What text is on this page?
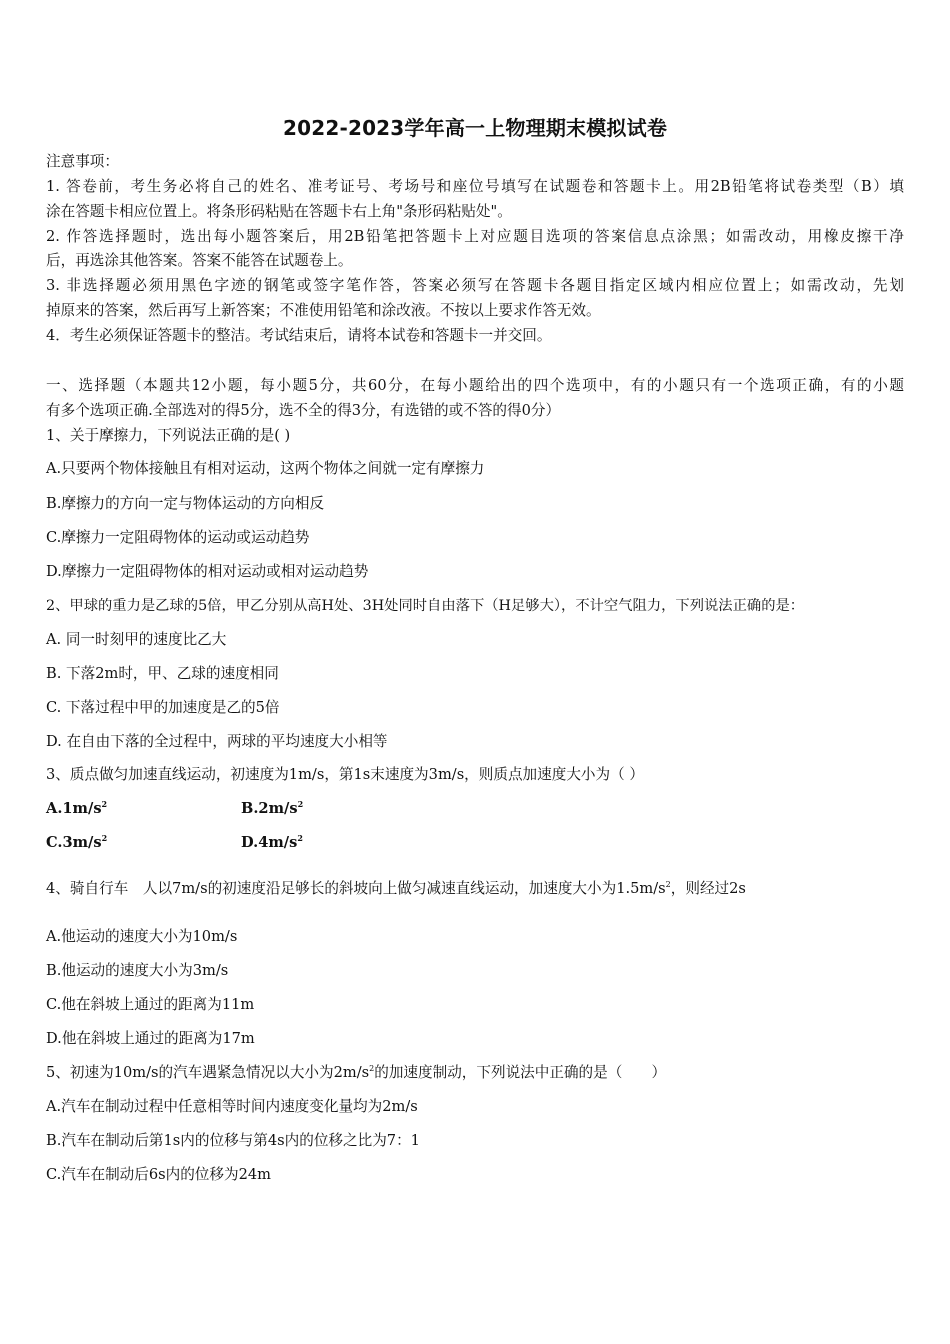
2022-2023学年高一上物理期末模拟试卷
注意事项：
1. 答卷前，考生务必将自己的姓名、准考证号、考场号和座位号填写在试题卷和答题卡上。用2B铅笔将试卷类型（B）填
涂在答题卡相应位置上。将条形码粘贴在答题卡右上角"条形码粘贴处"。
2. 作答选择题时，选出每小题答案后，用2B铅笔把答题卡上对应题目选项的答案信息点涂黑；如需改动，用橡皮擦干净
后，再选涂其他答案。答案不能答在试题卷上。
3. 非选择题必须用黑色字迹的钢笔或签字笔作答，答案必须写在答题卡各题目指定区域内相应位置上；如需改动，先划
掉原来的答案，然后再写上新答案；不准使用铅笔和涂改液。不按以上要求作答无效。
4．考生必须保证答题卡的整洁。考试结束后，请将本试卷和答题卡一并交回。
一、选择题（本题共12小题，每小题5分，共60分，在每小题给出的四个选项中，有的小题只有一个选项正确，有的小题
有多个选项正确.全部选对的得5分，选不全的得3分，有选错的或不答的得0分）
1、关于摩擦力，下列说法正确的是( )
A.只要两个物体接触且有相对运动，这两个物体之间就一定有摩擦力
B.摩擦力的方向一定与物体运动的方向相反
C.摩擦力一定阻碍物体的运动或运动趋势
D.摩擦力一定阻碍物体的相对运动或相对运动趋势
2、甲球的重力是乙球的5倍，甲乙分别从高H处、3H处同时自由落下（H足够大），不计空气阻力，下列说法正确的是：
A. 同一时刻甲的速度比乙大
B. 下落2m时，甲、乙球的速度相同
C. 下落过程中甲的加速度是乙的5倍
D. 在自由下落的全过程中，两球的平均速度大小相等
3、质点做匀加速直线运动，初速度为1m/s，第1s末速度为3m/s，则质点加速度大小为（ ）
$A.1m/s^2$	$B.2m/s^2$
$C.3m/s^2$	$D.4m/s^2$
4、骑自行车　人以7m/s的初速度沿足够长的斜坡向上做匀减速直线运动，加速度大小为$1.5m/s^2$，则经过2s
A.他运动的速度大小为10m/s
B.他运动的速度大小为3m/s
C.他在斜坡上通过的距离为11m
D.他在斜坡上通过的距离为17m
5、初速为10m/s的汽车遇紧急情况以大小为$2m/s^2$的加速度制动，下列说法中正确的是（　　）
A.汽车在制动过程中任意相等时间内速度变化量均为2m/s
B.汽车在制动后第1s内的位移与第4s内的位移之比为7：1
C.汽车在制动后6s内的位移为24m
